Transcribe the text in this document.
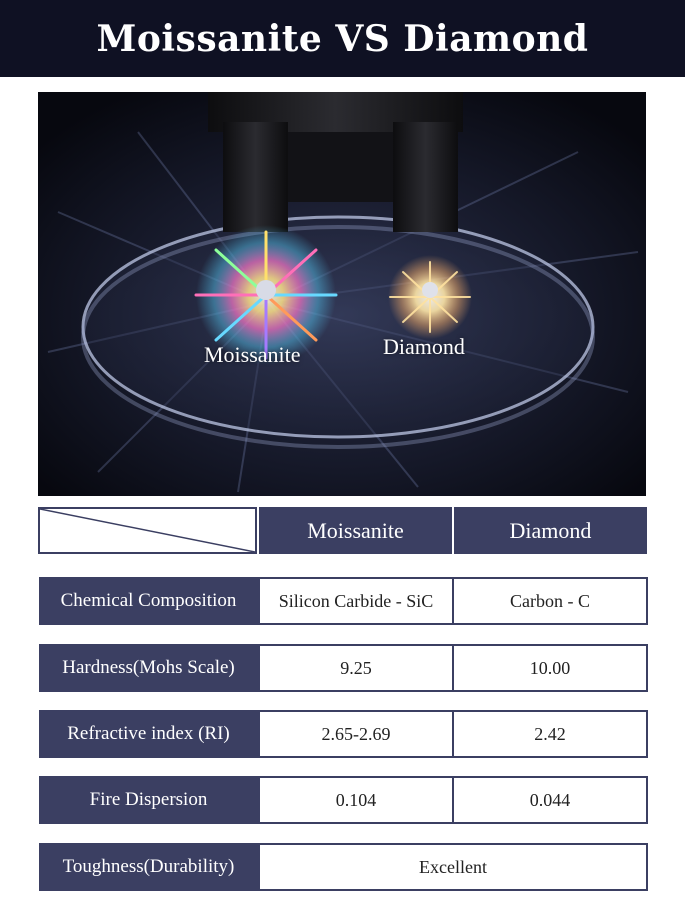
Moissanite VS Diamond
Moissanite	Diamond
Moissanite	Diamond
Chemical Composition	Silicon Carbide - SiC	Carbon - C
Hardness(Mohs Scale)	9.25	10.00
Refractive index (RI)	2.65-2.69	2.42
Fire Dispersion	0.104	0.044
Toughness(Durability)	Excellent
